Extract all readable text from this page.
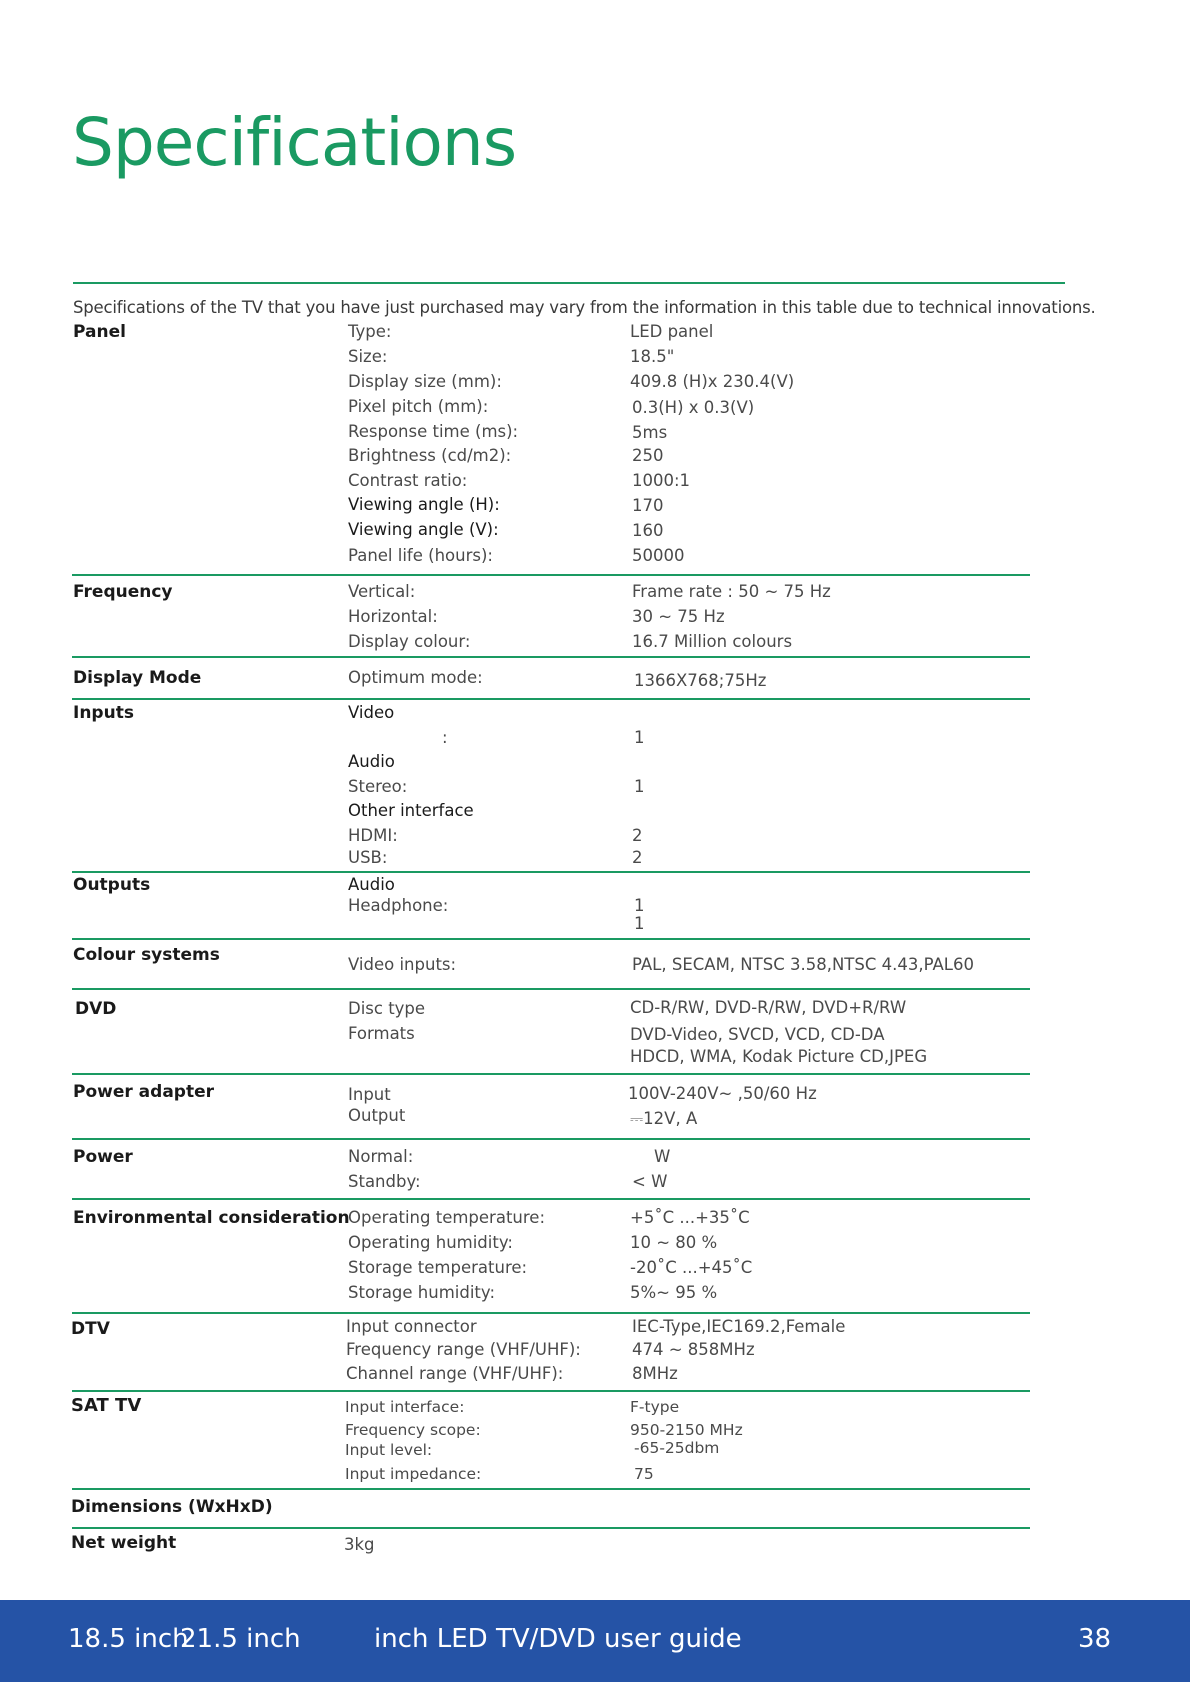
Specifications
Specifications of the TV that you have just purchased may vary from the information in this table due to technical innovations.
Panel	Type:	LED panel
Size:	18.5"
Display size (mm):	409.8 (H)x 230.4(V)
Pixel pitch (mm):	0.3(H) x 0.3(V)
Response time (ms):	5ms
Brightness (cd/m2):	250
Contrast ratio:	1000:1
Viewing angle (H):	170
Viewing angle (V):	160
Panel life (hours):	50000
Frequency	Vertical:	Frame rate : 50 ~ 75 Hz
Horizontal:	30 ~ 75 Hz
Display colour:	16.7 Million colours
Display Mode	Optimum mode:	1366X768;75Hz
Inputs	Video
:	1
Audio
Stereo:	1
Other interface
HDMI:	2
USB:	2
Outputs	Audio
Headphone:	1
1
Colour systems	Video inputs:	PAL, SECAM, NTSC 3.58,NTSC 4.43,PAL60
DVD	Disc type	CD-R/RW, DVD-R/RW, DVD+R/RW
Formats	DVD-Video, SVCD, VCD, CD-DA
HDCD, WMA, Kodak Picture CD,JPEG
Power adapter	Input	100V-240V~ ,50/60 Hz
Output	⎓12V, A
Power	Normal:	W
Standby:	< W
Environmental consideration
Operating temperature:	+5˚C ...+35˚C
Operating humidity:	10 ~ 80 %
Storage temperature:	-20˚C ...+45˚C
Storage humidity:	5%~ 95 %
DTV	Input connector	IEC-Type,IEC169.2,Female
Frequency range (VHF/UHF):	474 ~ 858MHz
Channel range (VHF/UHF):	8MHz
SAT TV	Input interface:	F-type
Frequency scope:	950-2150 MHz
Input level:	-65-25dbm
Input impedance:	75
Dimensions (WxHxD)
Net weight	3kg
18.5 inch
21.5 inch	inch LED TV/DVD user guide	38
